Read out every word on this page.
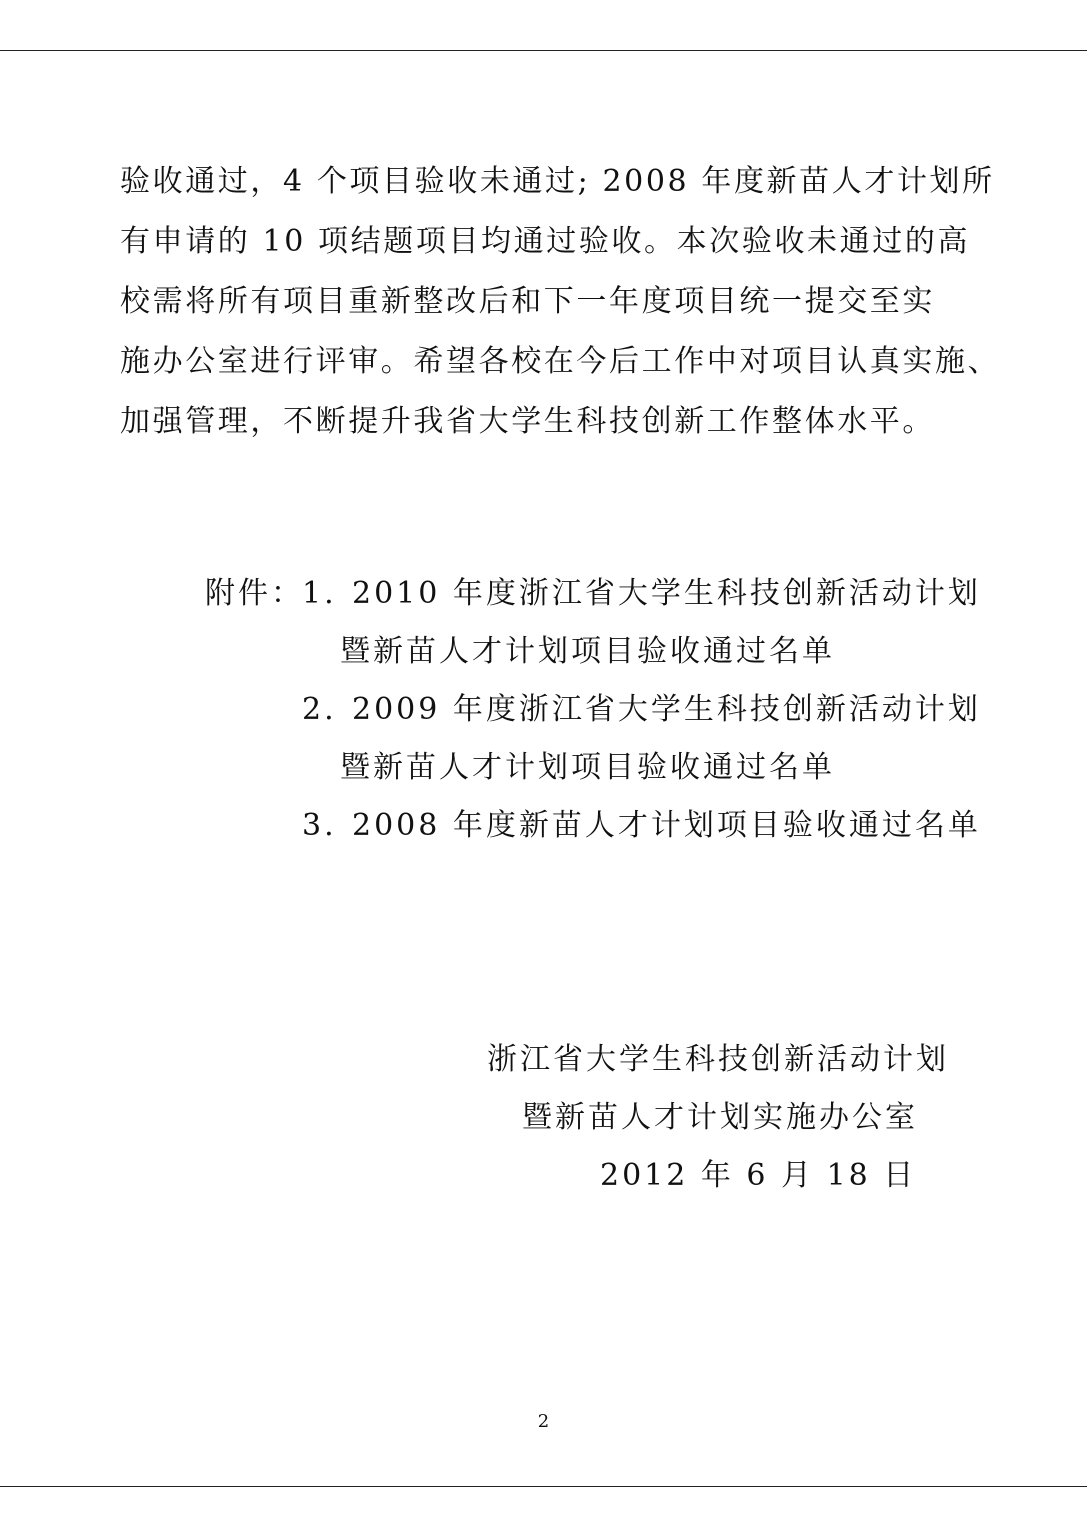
验收通过，4 个项目验收未通过; 2008 年度新苗人才计划所
有申请的 10 项结题项目均通过验收。本次验收未通过的高
校需将所有项目重新整改后和下一年度项目统一提交至实
施办公室进行评审。希望各校在今后工作中对项目认真实施、
加强管理，不断提升我省大学生科技创新工作整体水平。
附件：
1. 2010 年度浙江省大学生科技创新活动计划
暨新苗人才计划项目验收通过名单
2. 2009 年度浙江省大学生科技创新活动计划
暨新苗人才计划项目验收通过名单
3. 2008 年度新苗人才计划项目验收通过名单
浙江省大学生科技创新活动计划
暨新苗人才计划实施办公室
2012 年 6 月 18 日
2
